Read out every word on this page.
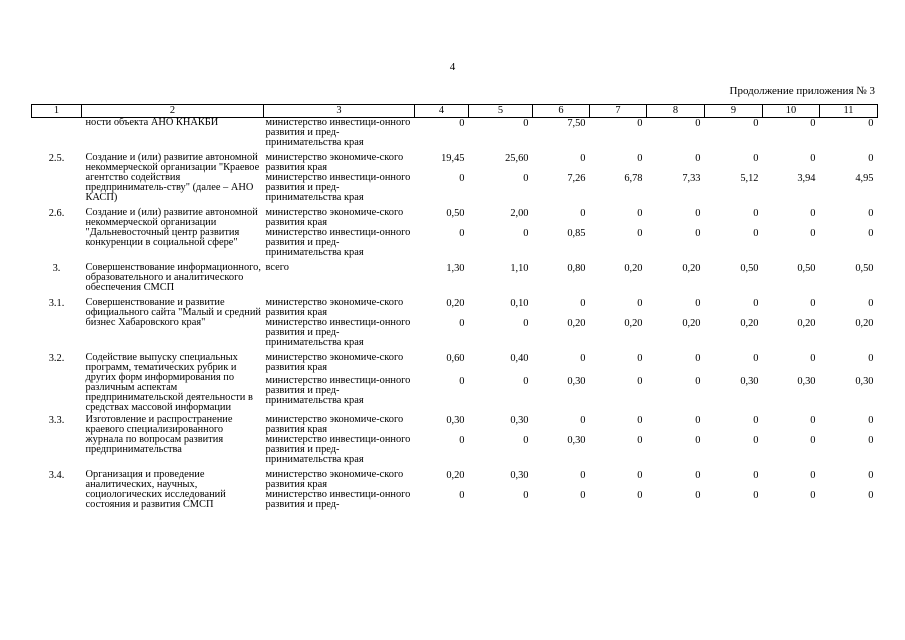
4
Продолжение приложения № 3
1	2	3	4	5	6	7	8	9	10	11
	ности объекта АНО КНАКБИ	министерство инвестици-онного развития и пред-принимательства края	0	0	7,50	0	0	0	0	0
2.5.	Создание и (или) развитие автономной некоммерческой организации "Краевое агентство содействия предприниматель-ству" (далее – АНО КАСП)	министерство экономиче-ского развития края	19,45	25,60	0	0	0	0	0	0
		министерство инвестици-онного развития и пред-принимательства края	0	0	7,26	6,78	7,33	5,12	3,94	4,95
2.6.	Создание и (или) развитие автономной некоммерческой организации "Дальневосточный центр развития конкуренции в социальной сфере"	министерство экономиче-ского развития края	0,50	2,00	0	0	0	0	0	0
		министерство инвестици-онного развития и пред-принимательства края	0	0	0,85	0	0	0	0	0
3.	Совершенствование информационного, образовательного и аналитического обеспечения СМСП	всего	1,30	1,10	0,80	0,20	0,20	0,50	0,50	0,50
3.1.	Совершенствование и развитие официального сайта "Малый и средний бизнес Хабаровского края"	министерство экономиче-ского развития края	0,20	0,10	0	0	0	0	0	0
		министерство инвестици-онного развития и пред-принимательства края	0	0	0,20	0,20	0,20	0,20	0,20	0,20
3.2.	Содействие выпуску специальных программ, тематических рубрик и других форм информирования по различным аспектам предпринимательской деятельности в средствах массовой информации	министерство экономиче-ского развития края	0,60	0,40	0	0	0	0	0	0
		министерство инвестици-онного развития и пред-принимательства края	0	0	0,30	0	0	0,30	0,30	0,30
3.3.	Изготовление и распространение краевого специализированного журнала по вопросам развития предпринимательства	министерство экономиче-ского развития края	0,30	0,30	0	0	0	0	0	0
		министерство инвестици-онного развития и пред-принимательства края	0	0	0,30	0	0	0	0	0
3.4.	Организация и проведение аналитических, научных, социологических исследований состояния и развития СМСП	министерство экономиче-ского развития края	0,20	0,30	0	0	0	0	0	0
		министерство инвестици-онного развития и пред-	0	0	0	0	0	0	0	0
